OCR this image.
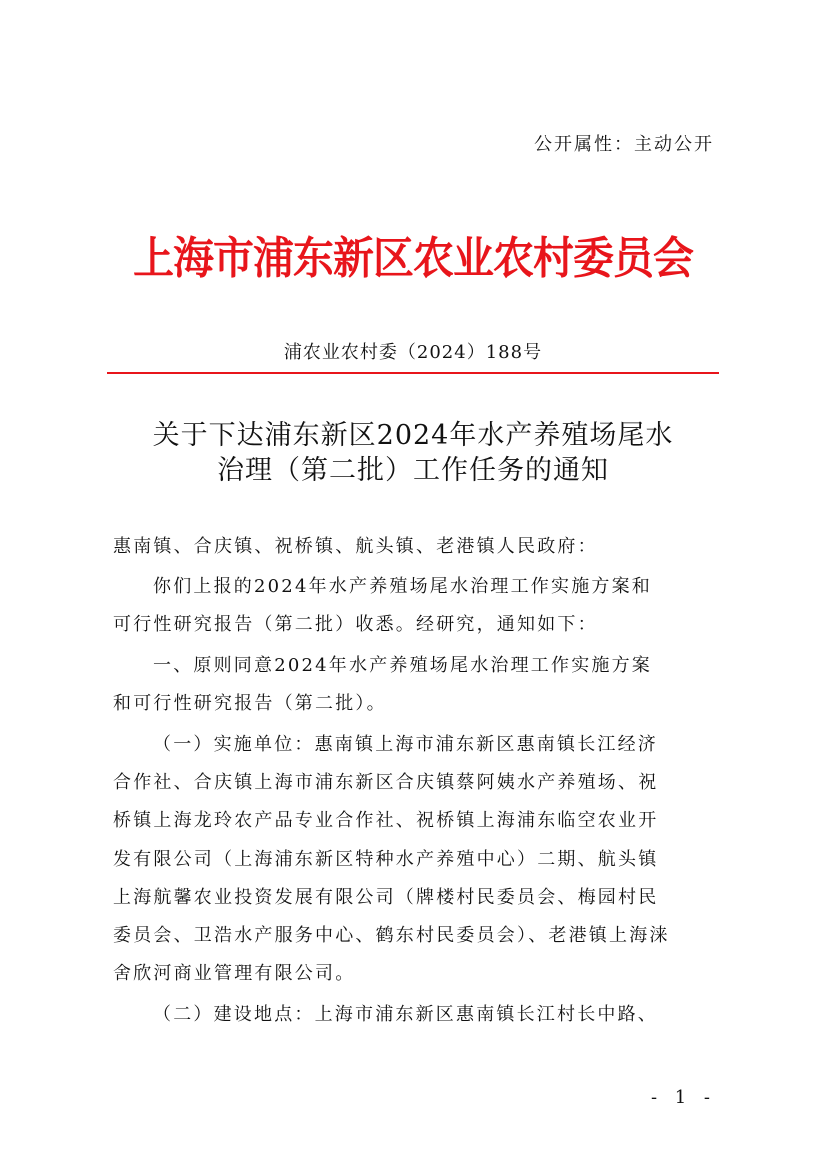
公开属性：主动公开
上海市浦东新区农业农村委员会
浦农业农村委（2024）188号
关于下达浦东新区2024年水产养殖场尾水
治理（第二批）工作任务的通知
惠南镇、合庆镇、祝桥镇、航头镇、老港镇人民政府：
你们上报的2024年水产养殖场尾水治理工作实施方案和
可行性研究报告（第二批）收悉。经研究，通知如下：
一、原则同意2024年水产养殖场尾水治理工作实施方案
和可行性研究报告（第二批）。
（一）实施单位：惠南镇上海市浦东新区惠南镇长江经济
合作社、合庆镇上海市浦东新区合庆镇蔡阿姨水产养殖场、祝
桥镇上海龙玲农产品专业合作社、祝桥镇上海浦东临空农业开
发有限公司（上海浦东新区特种水产养殖中心）二期、航头镇
上海航馨农业投资发展有限公司（牌楼村民委员会、梅园村民
委员会、卫浩水产服务中心、鹤东村民委员会）、老港镇上海涞
舍欣河商业管理有限公司。
（二）建设地点：上海市浦东新区惠南镇长江村长中路、
- 1 -
